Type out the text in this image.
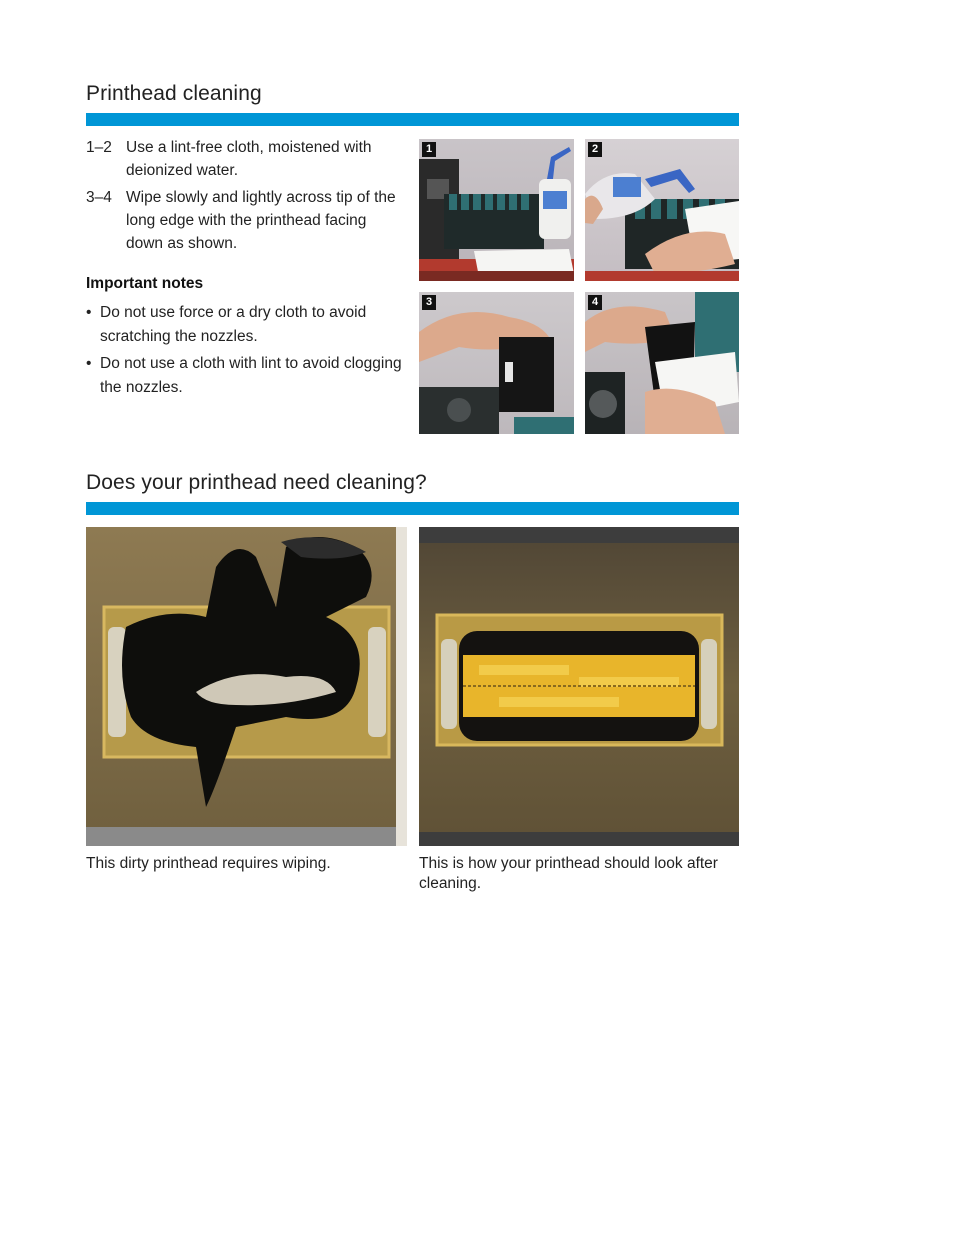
Printhead cleaning
1–2 Use a lint-free cloth, moistened with deionized water.
3–4 Wipe slowly and lightly across tip of the long edge with the printhead facing down as shown.
Important notes
• Do not use force or a dry cloth to avoid scratching the nozzles.
• Do not use a cloth with lint to avoid clogging the nozzles.
1	2
3	4
Does your printhead need cleaning?
This dirty printhead requires wiping.	This is how your printhead should look after cleaning.
